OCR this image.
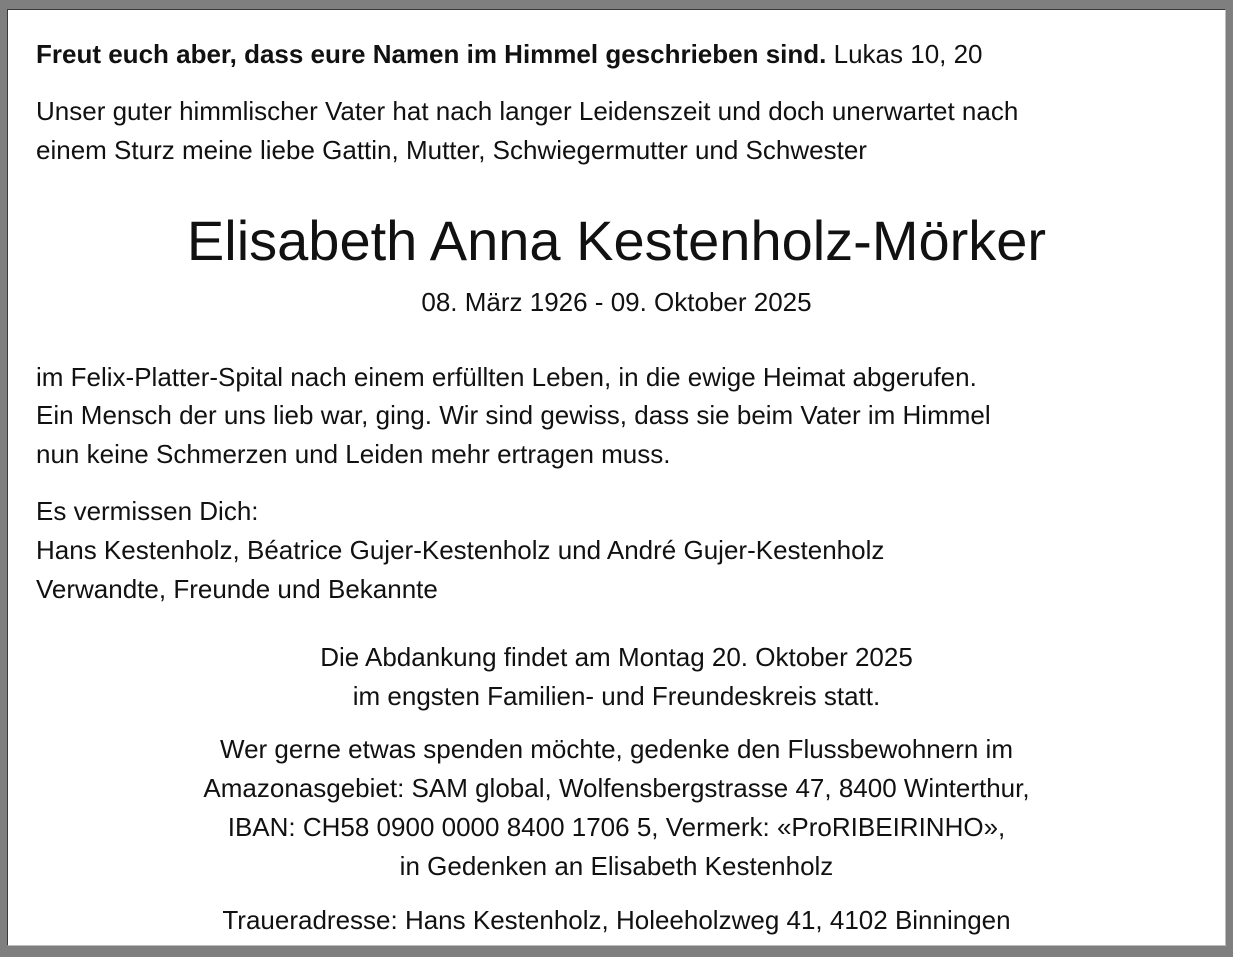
Freut euch aber, dass eure Namen im Himmel geschrieben sind. Lukas 10, 20
Unser guter himmlischer Vater hat nach langer Leidenszeit und doch unerwartet nach
einem Sturz meine liebe Gattin, Mutter, Schwiegermutter und Schwester
Elisabeth Anna Kestenholz-Mörker
08. März 1926 - 09. Oktober 2025
im Felix-Platter-Spital nach einem erfüllten Leben, in die ewige Heimat abgerufen.
Ein Mensch der uns lieb war, ging. Wir sind gewiss, dass sie beim Vater im Himmel
nun keine Schmerzen und Leiden mehr ertragen muss.
Es vermissen Dich:
Hans Kestenholz, Béatrice Gujer-Kestenholz und André Gujer-Kestenholz
Verwandte, Freunde und Bekannte
Die Abdankung findet am Montag 20. Oktober 2025
im engsten Familien- und Freundeskreis statt.
Wer gerne etwas spenden möchte, gedenke den Flussbewohnern im
Amazonasgebiet: SAM global, Wolfensbergstrasse 47, 8400 Winterthur,
IBAN: CH58 0900 0000 8400 1706 5, Vermerk: «ProRIBEIRINHO»,
in Gedenken an Elisabeth Kestenholz
Traueradresse: Hans Kestenholz, Holeeholzweg 41, 4102 Binningen
